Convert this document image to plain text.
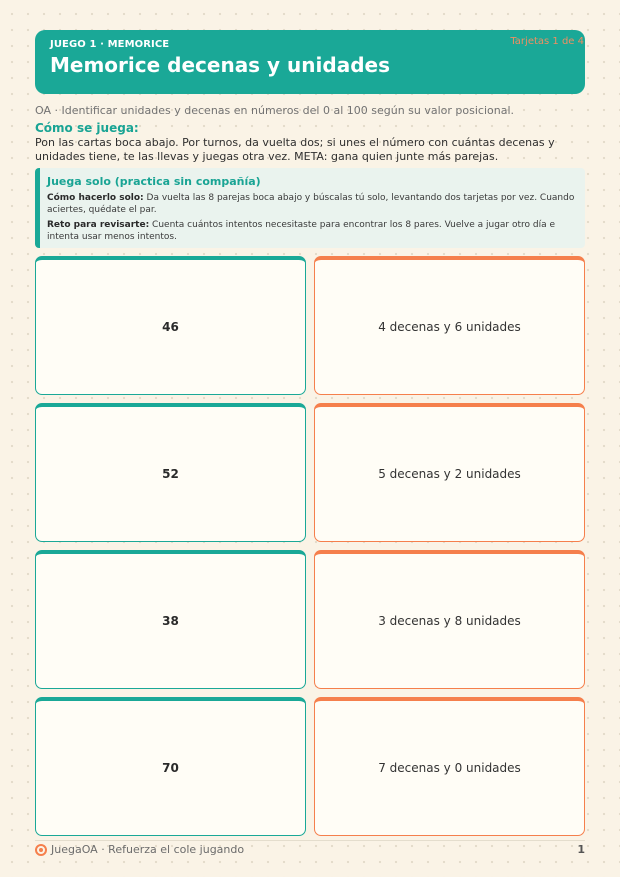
JUEGO 1 · MEMORICE
Memorice decenas y unidades
Tarjetas 1 de 4
OA · Identificar unidades y decenas en números del 0 al 100 según su valor posicional.
Cómo se juega:
Pon las cartas boca abajo. Por turnos, da vuelta dos; si unes el número con cuántas decenas y unidades tiene, te las llevas y juegas otra vez. META: gana quien junte más parejas.
Juega solo (practica sin compañía)
Cómo hacerlo solo: Da vuelta las 8 parejas boca abajo y búscalas tú solo, levantando dos tarjetas por vez. Cuando aciertes, quédate el par.
Reto para revisarte: Cuenta cuántos intentos necesitaste para encontrar los 8 pares. Vuelve a jugar otro día e intenta usar menos intentos.
46	4 decenas y 6 unidades
52	5 decenas y 2 unidades
38	3 decenas y 8 unidades
70	7 decenas y 0 unidades
JuegaOA · Refuerza el cole jugando	1
